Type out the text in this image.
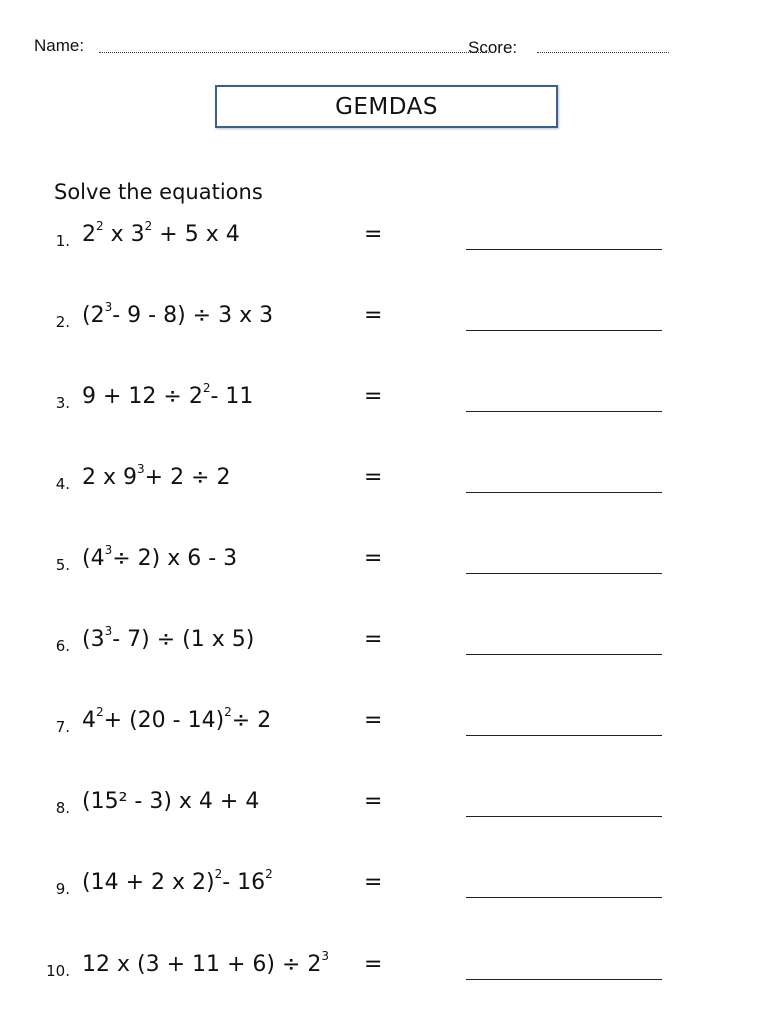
Name:	Score:
GEMDAS
Solve the equations
1. $2^2$ x $3^2 + 5$ x 4	=
2. ($2^3-$ 9 - 8) ÷ 3 x 3	=
3. $9 + 12 \div 2^2-$ 11	=
4. 2 x $9^3+ 2 \div 2$	=
5. $(4^3\div 2)$ x 6 - 3	=
6. ($3^3-$ 7) ÷ (1 x 5)	=
7. $4^2+ (20 - 14)^2\div 2$	=
8. (15² - 3) x 4 + 4	=
9. (14 + 2 x 2)$^2$- $16^2$	=
10. 12 x $(3 + 11 + 6) \div 2^3$ =
